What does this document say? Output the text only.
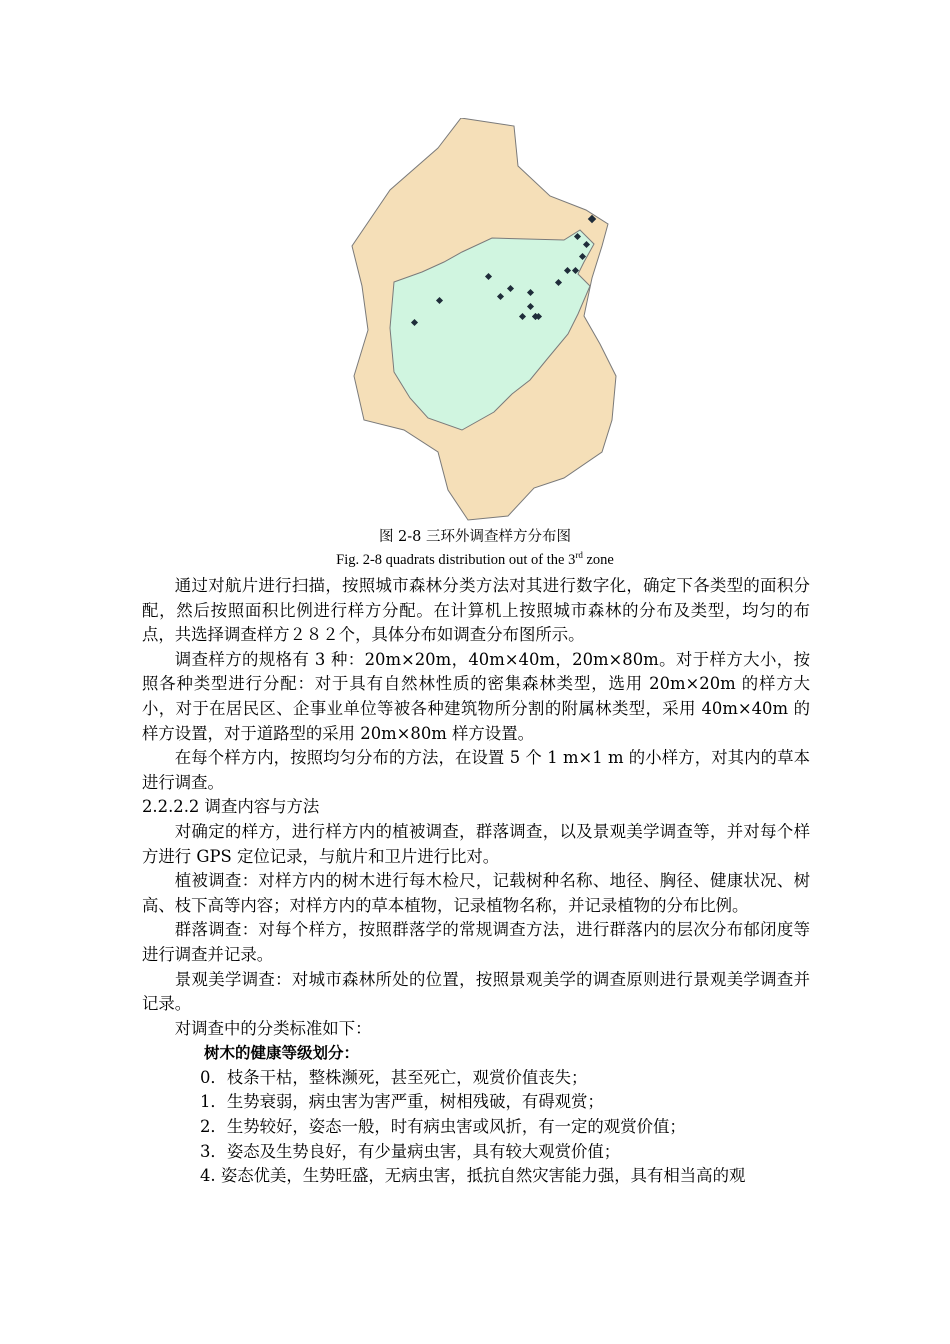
图 2-8 三环外调查样方分布图
Fig. 2-8 quadrats distribution out of the 3rd zone

通过对航片进行扫描，按照城市森林分类方法对其进行数字化，确定下各类型的面积分配，然后按照面积比例进行样方分配。在计算机上按照城市森林的分布及类型，均匀的布点，共选择调查样方２８２个，具体分布如调查分布图所示。

调查样方的规格有 3 种：20m×20m，40m×40m，20m×80m。对于样方大小，按照各种类型进行分配：对于具有自然林性质的密集森林类型，选用 20m×20m 的样方大小，对于在居民区、企事业单位等被各种建筑物所分割的附属林类型，采用 40m×40m 的样方设置，对于道路型的采用 20m×80m 样方设置。

在每个样方内，按照均匀分布的方法，在设置 5 个 1 m×1 m 的小样方，对其内的草本进行调查。

2.2.2.2 调查内容与方法

对确定的样方，进行样方内的植被调查，群落调查，以及景观美学调查等，并对每个样方进行 GPS 定位记录，与航片和卫片进行比对。

植被调查：对样方内的树木进行每木检尺，记载树种名称、地径、胸径、健康状况、树高、枝下高等内容；对样方内的草本植物，记录植物名称，并记录植物的分布比例。

群落调查：对每个样方，按照群落学的常规调查方法，进行群落内的层次分布郁闭度等进行调查并记录。

景观美学调查：对城市森林所处的位置，按照景观美学的调查原则进行景观美学调查并记录。

对调查中的分类标准如下：

树木的健康等级划分：

0．枝条干枯，整株濒死，甚至死亡，观赏价值丧失；

1．生势衰弱，病虫害为害严重，树相残破，有碍观赏；

2．生势较好，姿态一般，时有病虫害或风折，有一定的观赏价值；

3．姿态及生势良好，有少量病虫害，具有较大观赏价值；

4. 姿态优美，生势旺盛，无病虫害，抵抗自然灾害能力强，具有相当高的观
